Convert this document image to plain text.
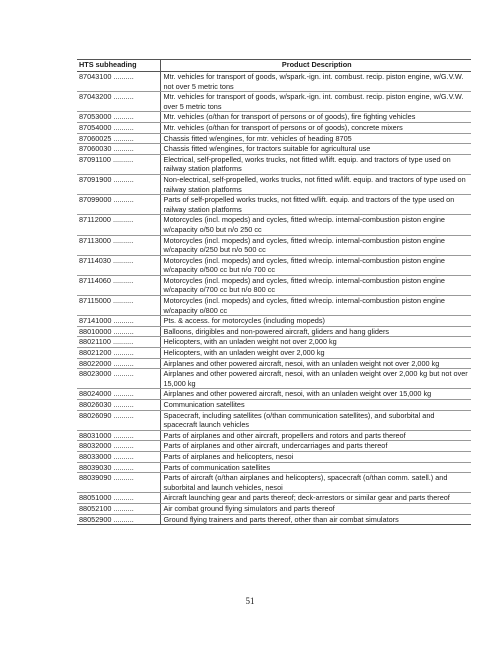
HTS subheading	Product Description
87043100 ..........	Mtr. vehicles for transport of goods, w/spark.-ign. int. combust. recip. piston engine, w/G.V.W. not over 5 metric tons
87043200 ..........	Mtr. vehicles for transport of goods, w/spark.-ign. int. combust. recip. piston engine, w/G.V.W. over 5 metric tons
87053000 ..........	Mtr. vehicles (o/than for transport of persons or of goods), fire fighting vehicles
87054000 ..........	Mtr. vehicles (o/than for transport of persons or of goods), concrete mixers
87060025 ..........	Chassis fitted w/engines, for mtr. vehicles of heading 8705
87060030 ..........	Chassis fitted w/engines, for tractors suitable for agricultural use
87091100 ..........	Electrical, self-propelled, works trucks, not fitted w/lift. equip. and tractors of type used on railway station platforms
87091900 ..........	Non-electrical, self-propelled, works trucks, not fitted w/lift. equip. and tractors of type used on railway station platforms
87099000 ..........	Parts of self-propelled works trucks, not fitted w/lift. equip. and tractors of the type used on railway station platforms
87112000 ..........	Motorcycles (incl. mopeds) and cycles, fitted w/recip. internal-combustion piston engine w/capacity o/50 but n/o 250 cc
87113000 ..........	Motorcycles (incl. mopeds) and cycles, fitted w/recip. internal-combustion piston engine w/capacity o/250 but n/o 500 cc
87114030 ..........	Motorcycles (incl. mopeds) and cycles, fitted w/recip. internal-combustion piston engine w/capacity o/500 cc but n/o 700 cc
87114060 ..........	Motorcycles (incl. mopeds) and cycles, fitted w/recip. internal-combustion piston engine w/capacity o/700 cc but n/o 800 cc
87115000 ..........	Motorcycles (incl. mopeds) and cycles, fitted w/recip. internal-combustion piston engine w/capacity o/800 cc
87141000 ..........	Pts. & access. for motorcycles (including mopeds)
88010000 ..........	Balloons, dirigibles and non-powered aircraft, gliders and hang gliders
88021100 ..........	Helicopters, with an unladen weight not over 2,000 kg
88021200 ..........	Helicopters, with an unladen weight over 2,000 kg
88022000 ..........	Airplanes and other powered aircraft, nesoi, with an unladen weight not over 2,000 kg
88023000 ..........	Airplanes and other powered aircraft, nesoi, with an unladen weight over 2,000 kg but not over 15,000 kg
88024000 ..........	Airplanes and other powered aircraft, nesoi, with an unladen weight over 15,000 kg
88026030 ..........	Communication satellites
88026090 ..........	Spacecraft, including satellites (o/than communication satellites), and suborbital and spacecraft launch vehicles
88031000 ..........	Parts of airplanes and other aircraft, propellers and rotors and parts thereof
88032000 ..........	Parts of airplanes and other aircraft, undercarriages and parts thereof
88033000 ..........	Parts of airplanes and helicopters, nesoi
88039030 ..........	Parts of communication satellites
88039090 ..........	Parts of aircraft (o/than airplanes and helicopters), spacecraft (o/than comm. satell.) and suborbital and launch vehicles, nesoi
88051000 ..........	Aircraft launching gear and parts thereof; deck-arrestors or similar gear and parts thereof
88052100 ..........	Air combat ground flying simulators and parts thereof
88052900 ..........	Ground flying trainers and parts thereof, other than air combat simulators
51
